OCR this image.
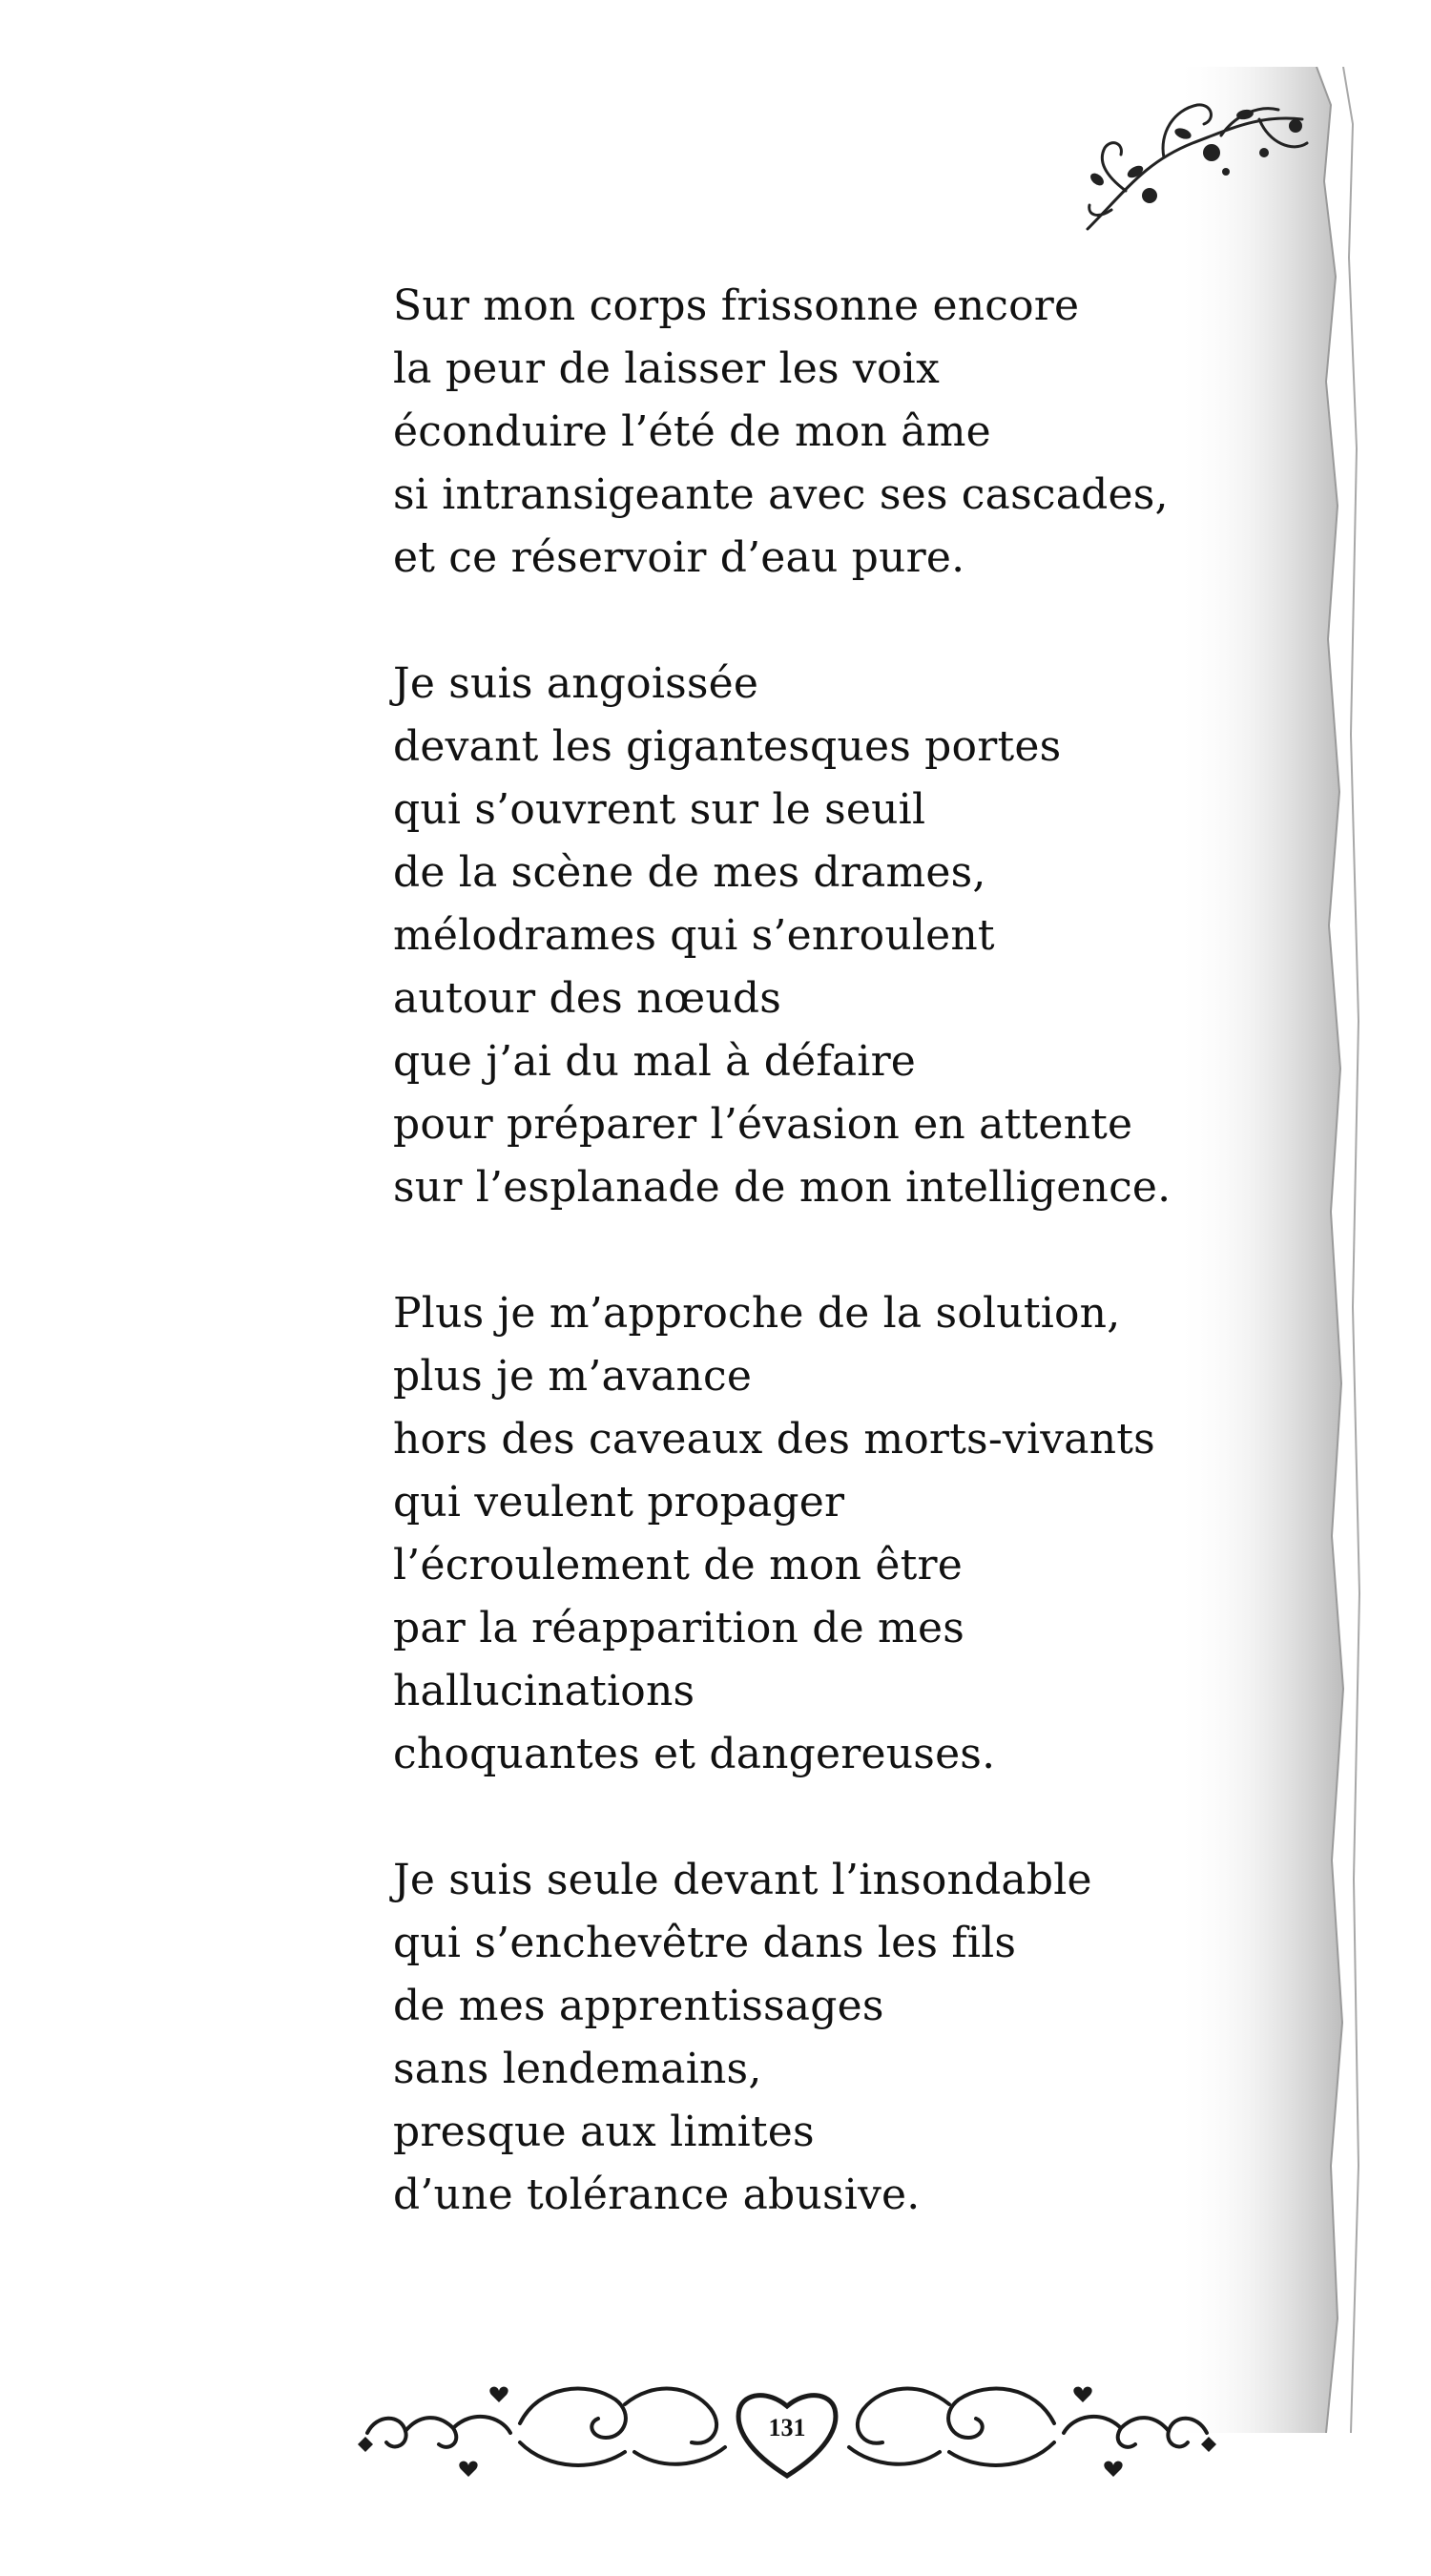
Sur mon corps frissonne encore
la peur de laisser les voix
éconduire l’été de mon âme
si intransigeante avec ses cascades,
et ce réservoir d’eau pure.
Je suis angoissée
devant les gigantesques portes
qui s’ouvrent sur le seuil
de la scène de mes drames,
mélodrames qui s’enroulent
autour des nœuds
que j’ai du mal à défaire
pour préparer l’évasion en attente
sur l’esplanade de mon intelligence.
Plus je m’approche de la solution,
plus je m’avance
hors des caveaux des morts-vivants
qui veulent propager
l’écroulement de mon être
par la réapparition de mes
hallucinations
choquantes et dangereuses.
Je suis seule devant l’insondable
qui s’enchevêtre dans les fils
de mes apprentissages
sans lendemains,
presque aux limites
d’une tolérance abusive.
131
